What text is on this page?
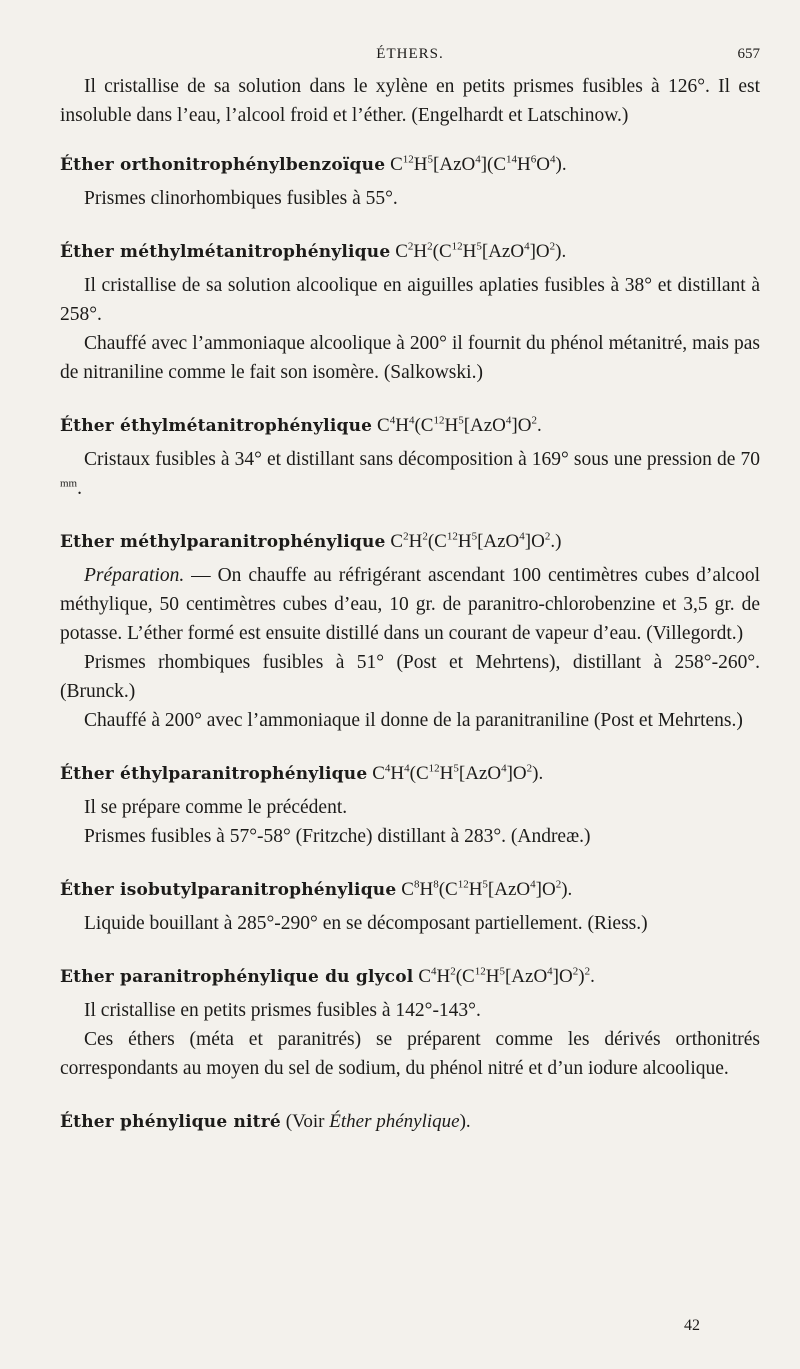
ÉTHERS.	657

Il cristallise de sa solution dans le xylène en petits prismes fusibles à 126°. Il est insoluble dans l’eau, l’alcool froid et l’éther. (Engelhardt et Latschinow.)

Éther orthonitrophénylbenzoïque $C^{12}H^5[AzO^4](C^{14}H^6O^4)$.

Prismes clinorhombiques fusibles à 55°.

Éther méthylmétanitrophénylique $C^2H^2(C^{12}H^5[AzO^4]O^2)$.

Il cristallise de sa solution alcoolique en aiguilles aplaties fusibles à 38° et distillant à 258°.

Chauffé avec l’ammoniaque alcoolique à 200° il fournit du phénol métanitré, mais pas de nitraniline comme le fait son isomère. (Salkowski.)

Éther éthylmétanitrophénylique $C^4H^4(C^{12}H^5[AzO^4]O^2$.

Cristaux fusibles à 34° et distillant sans décomposition à 169° sous une pression de 70 $^{mm}$.

Ether méthylparanitrophénylique $C^2H^2(C^{12}H^5[AzO^4]O^2.)$

Préparation. — On chauffe au réfrigérant ascendant 100 centimètres cubes d’alcool méthylique, 50 centimètres cubes d’eau, 10 gr. de paranitro-chlorobenzine et 3,5 gr. de potasse. L’éther formé est ensuite distillé dans un courant de vapeur d’eau. (Villegordt.)

Prismes rhombiques fusibles à 51° (Post et Mehrtens), distillant à 258°-260°. (Brunck.)

Chauffé à 200° avec l’ammoniaque il donne de la paranitraniline (Post et Mehrtens.)

Éther éthylparanitrophénylique $C^4H^4(C^{12}H^5[AzO^4]O^2)$.

Il se prépare comme le précédent.

Prismes fusibles à 57°-58° (Fritzche) distillant à 283°. (Andreæ.)

Éther isobutylparanitrophénylique $C^8H^8(C^{12}H^5[AzO^4]O^2)$.

Liquide bouillant à 285°-290° en se décomposant partiellement. (Riess.)

Ether paranitrophénylique du glycol $C^4H^2(C^{12}H^5[AzO^4]O^2)^2$.

Il cristallise en petits prismes fusibles à 142°-143°.

Ces éthers (méta et paranitrés) se préparent comme les dérivés orthonitrés correspondants au moyen du sel de sodium, du phénol nitré et d’un iodure alcoolique.

Éther phénylique nitré (Voir Éther phénylique).

42
